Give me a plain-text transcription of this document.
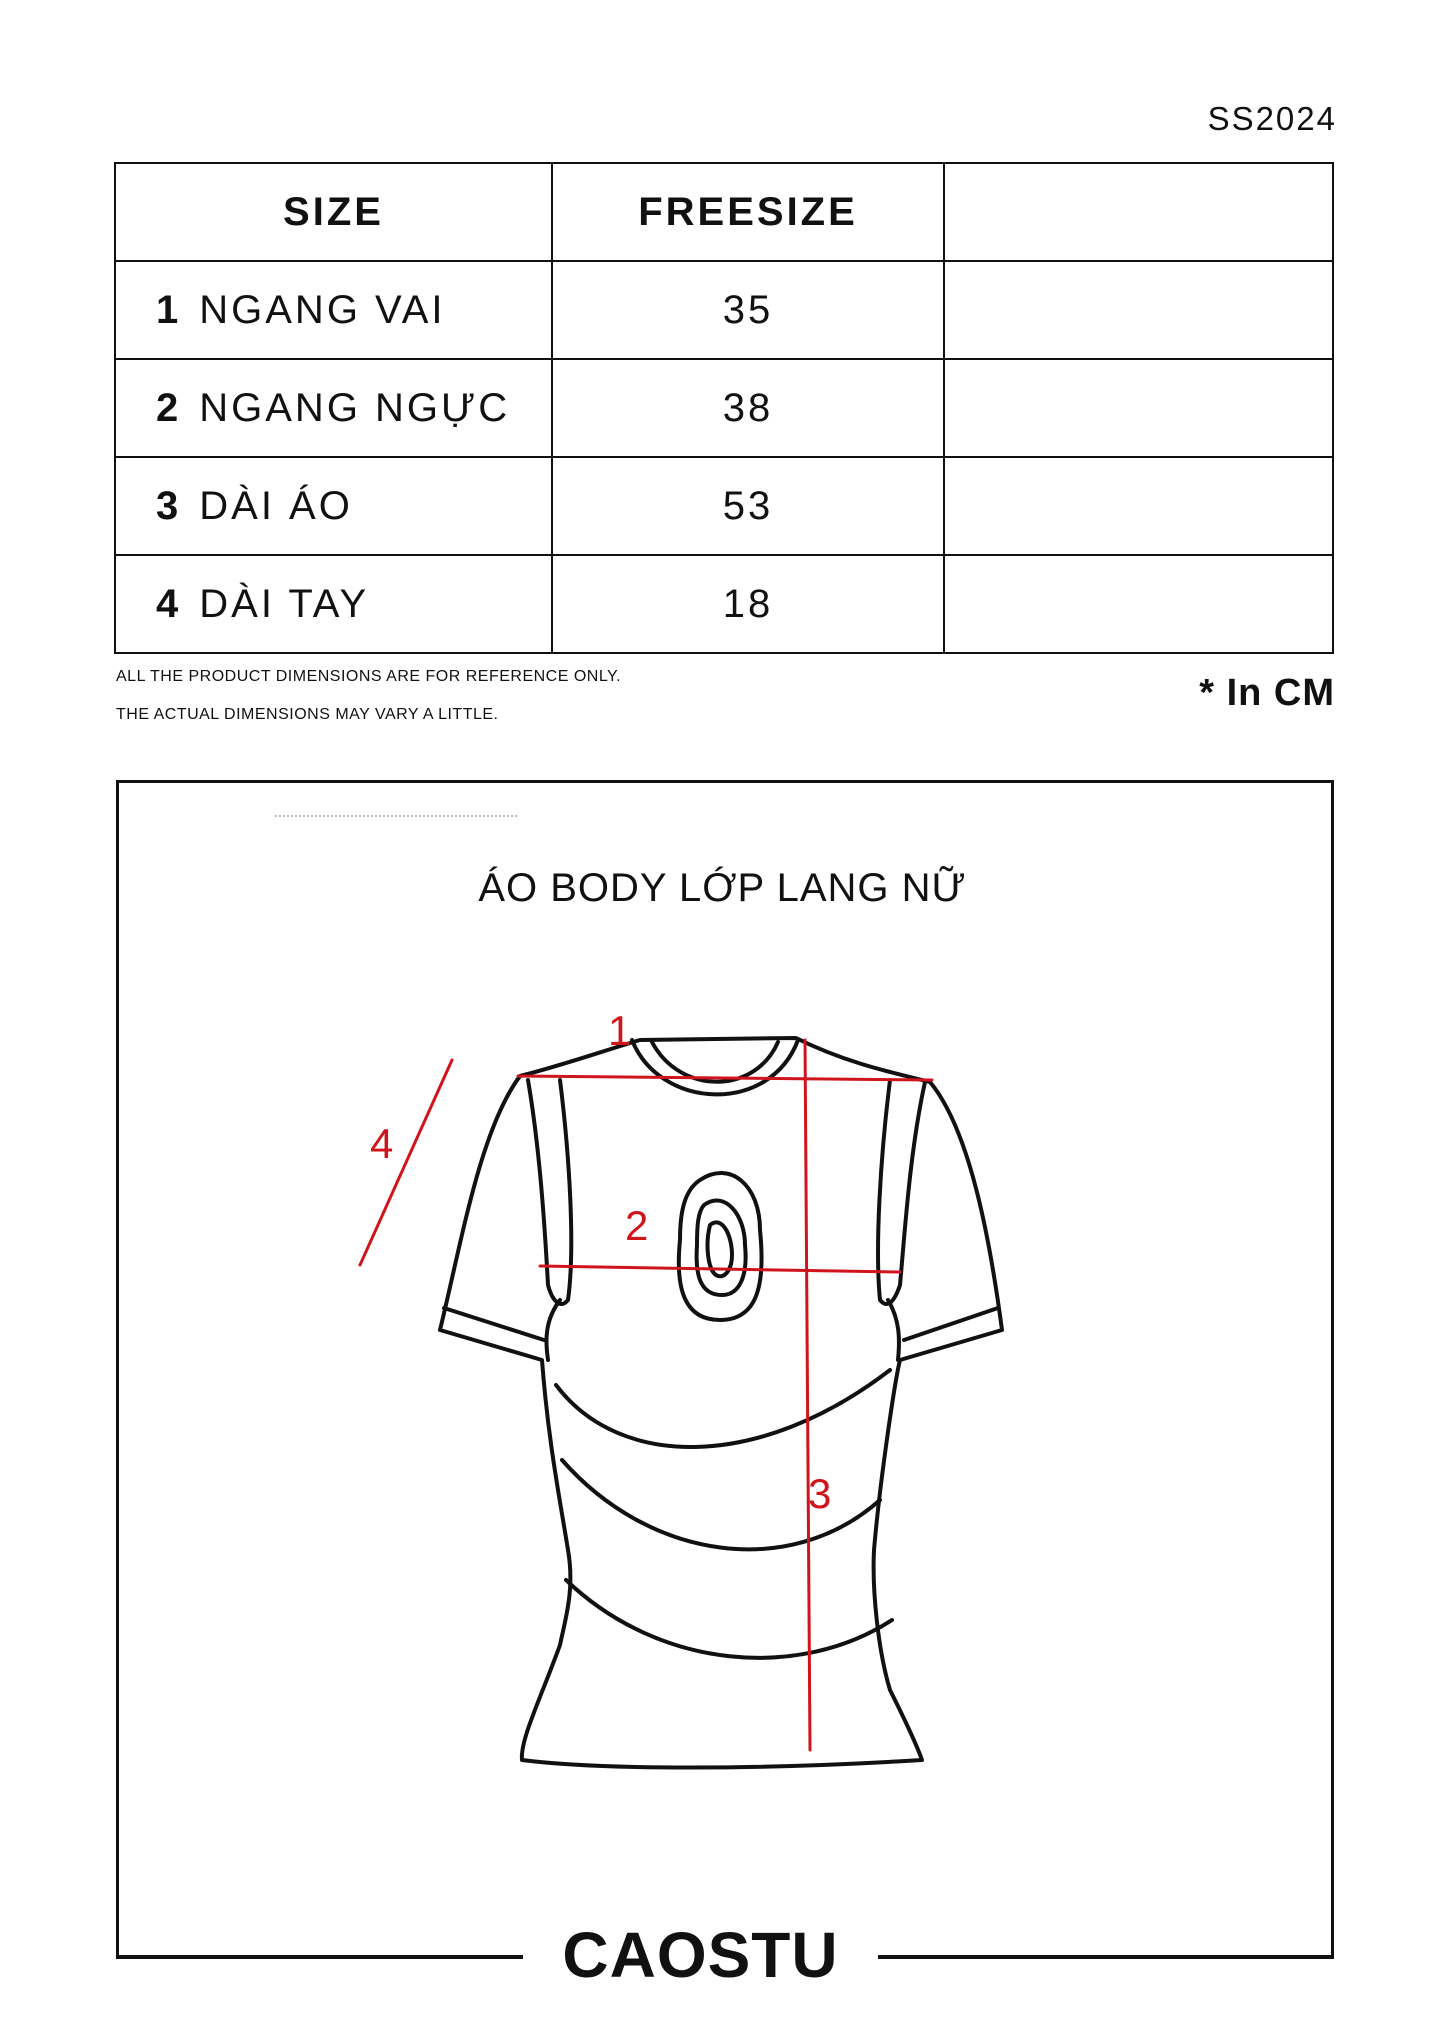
SS2024
SIZE	FREESIZE	
1 NGANG VAI	35	
2 NGANG NGỰC	38	
3 DÀI ÁO	53	
4 DÀI TAY	18	
ALL THE PRODUCT DIMENSIONS ARE FOR REFERENCE ONLY.
THE ACTUAL DIMENSIONS MAY VARY A LITTLE.
* In CM
CAOSTU
ÁO BODY LỚP LANG NỮ
1
2
3
4
